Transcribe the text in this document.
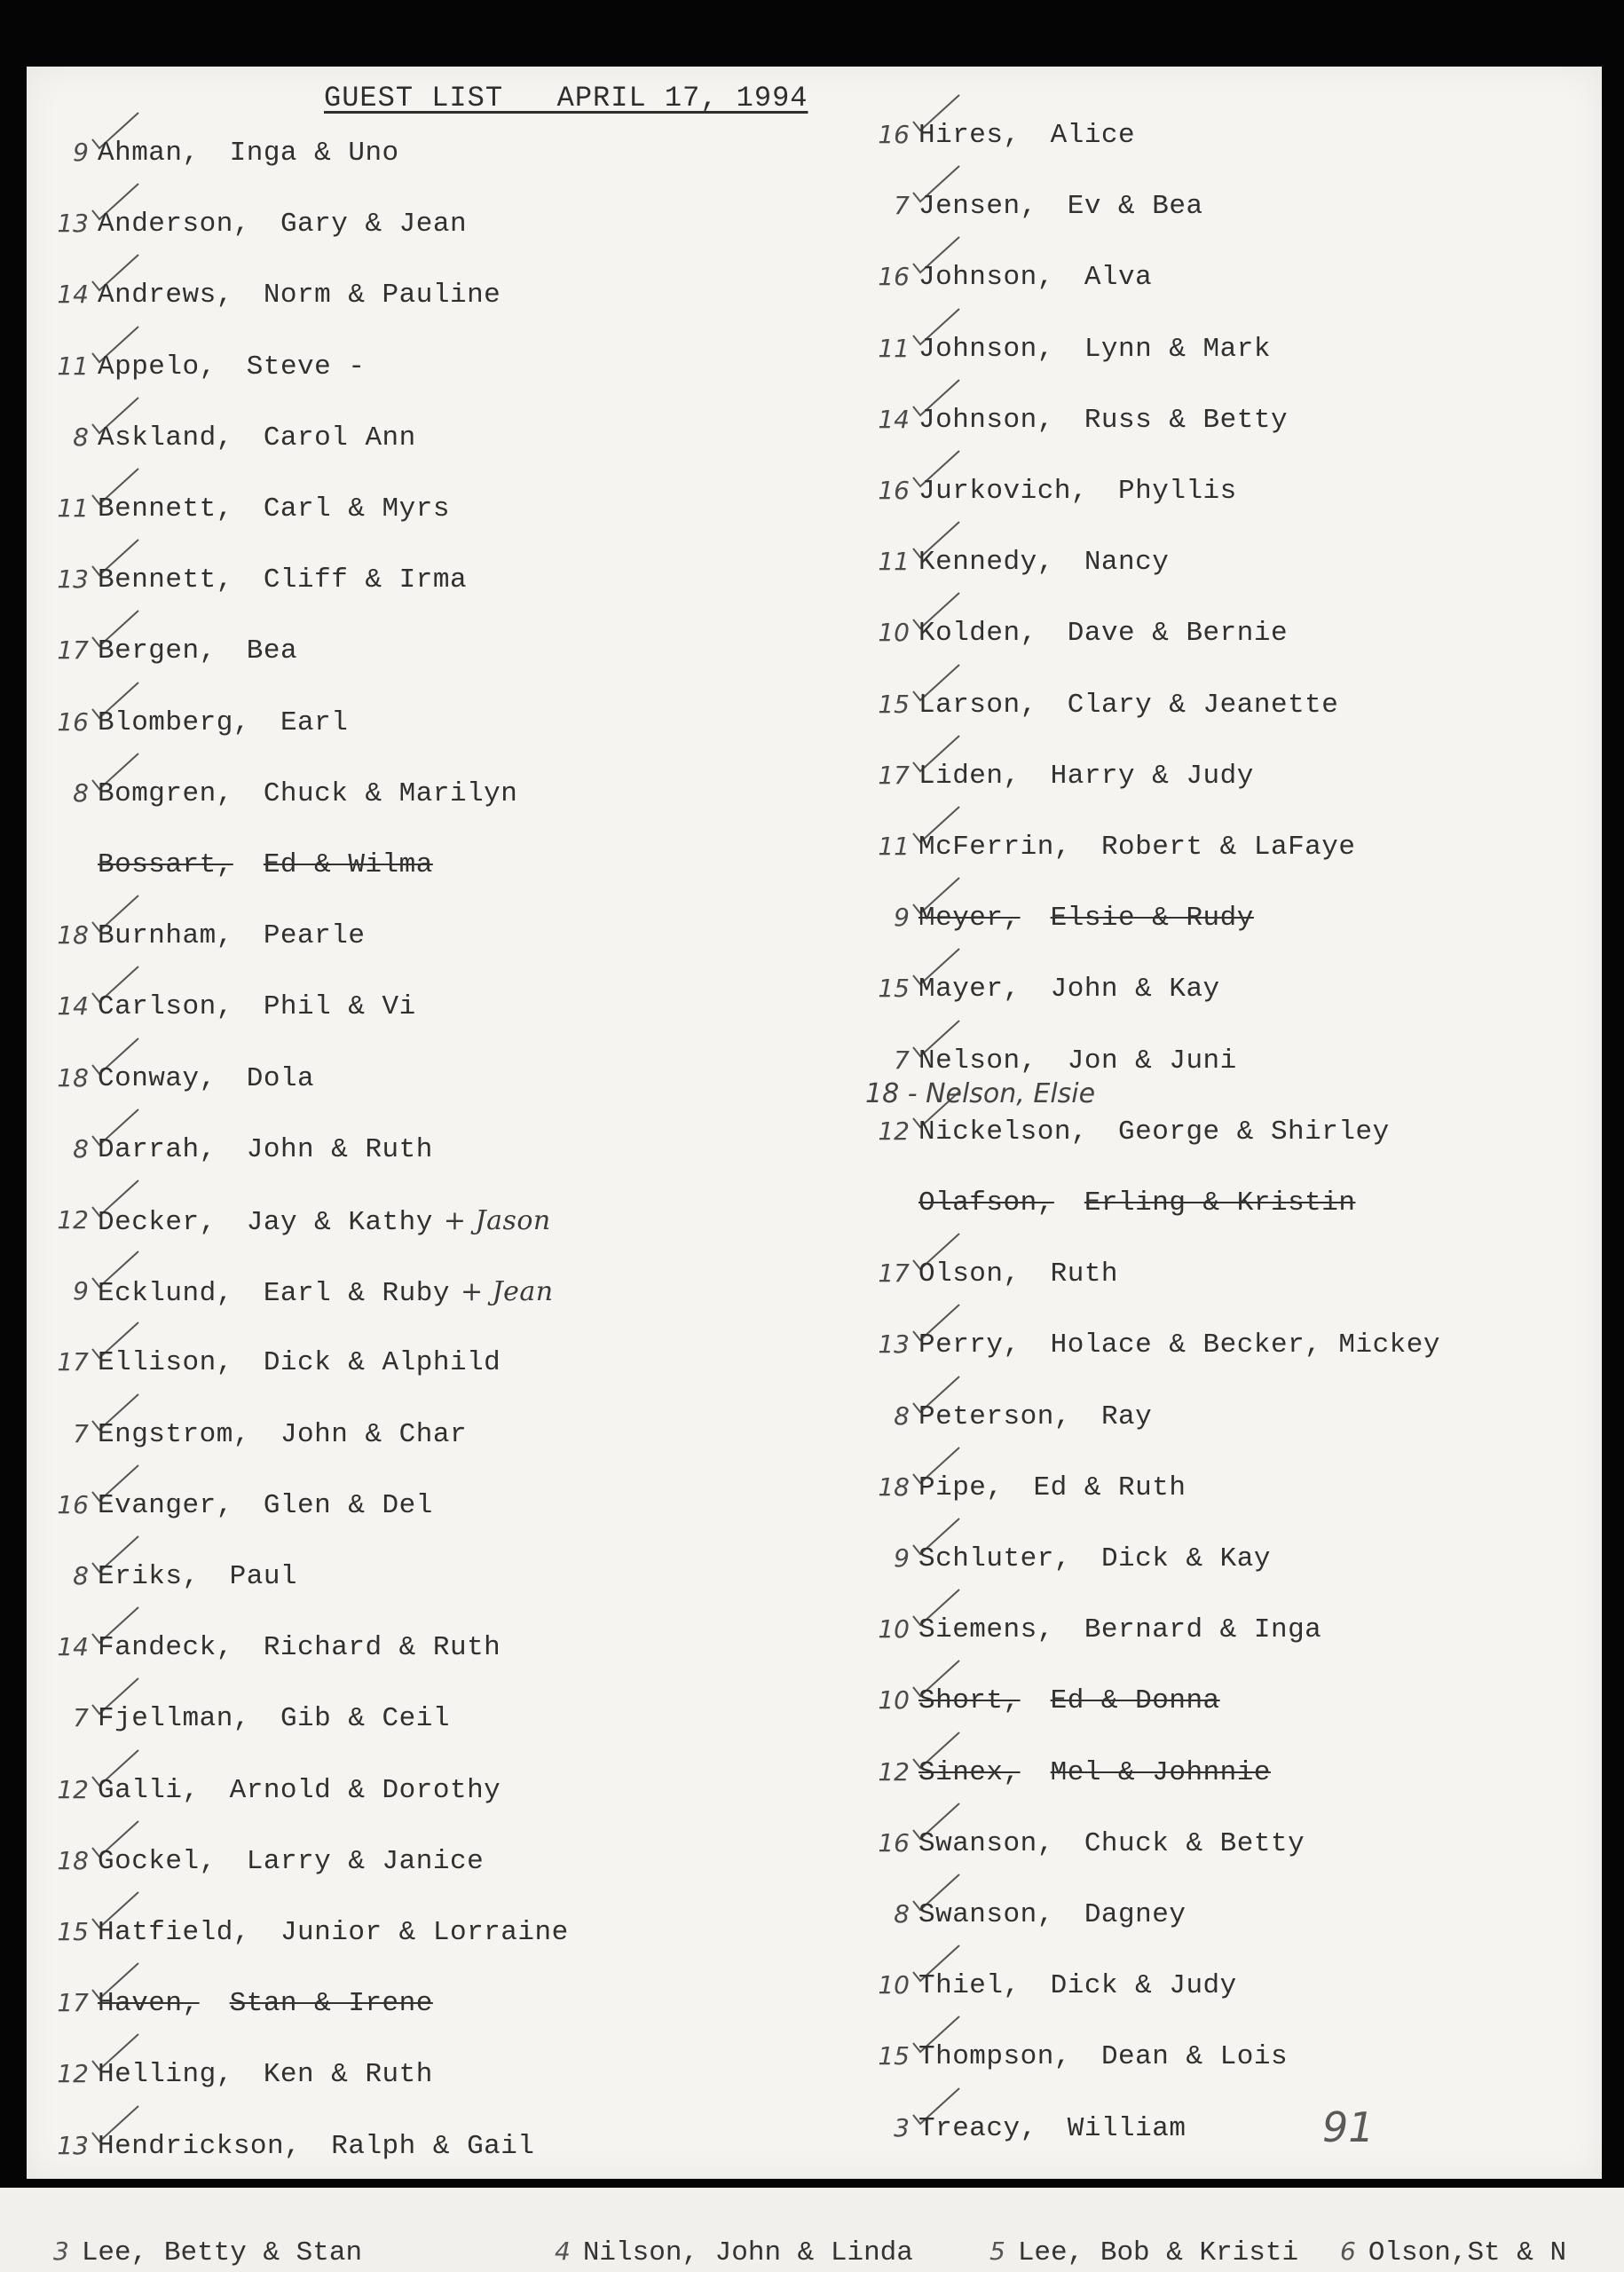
GUEST LIST   APRIL 17, 1994
9 Ahman, Inga & Uno
13 Anderson, Gary & Jean
14 Andrews, Norm & Pauline
11 Appelo, Steve -
8 Askland, Carol Ann
11 Bennett, Carl & Myrs
13 Bennett, Cliff & Irma
17 Bergen, Bea
16 Blomberg, Earl
8 Bomgren, Chuck & Marilyn
Bossart, Ed & Wilma
18 Burnham, Pearle
14 Carlson, Phil & Vi
18 Conway, Dola
8 Darrah, John & Ruth
12 Decker, Jay & Kathy + Jason
9 Ecklund, Earl & Ruby + Jean
17 Ellison, Dick & Alphild
7 Engstrom, John & Char
16 Evanger, Glen & Del
8 Eriks, Paul
14 Fandeck, Richard & Ruth
7 Fjellman, Gib & Ceil
12 Galli, Arnold & Dorothy
18 Gockel, Larry & Janice
15 Hatfield, Junior & Lorraine
17 Haven, Stan & Irene
12 Helling, Ken & Ruth
13 Hendrickson, Ralph & Gail
16 Hires, Alice
7 Jensen, Ev & Bea
16 Johnson, Alva
11 Johnson, Lynn & Mark
14 Johnson, Russ & Betty
16 Jurkovich, Phyllis
11 Kennedy, Nancy
10 Kolden, Dave & Bernie
15 Larson, Clary & Jeanette
17 Liden, Harry & Judy
11 McFerrin, Robert & LaFaye
9 Meyer, Elsie & Rudy
15 Mayer, John & Kay
7 Nelson, Jon & Juni
12 Nickelson, George & Shirley
Olafson, Erling & Kristin
17 Olson, Ruth
13 Perry, Holace & Becker, Mickey
8 Peterson, Ray
18 Pipe, Ed & Ruth
9 Schluter, Dick & Kay
10 Siemens, Bernard & Inga
10 Short, Ed & Donna
12 Sinex, Mel & Johnnie
16 Swanson, Chuck & Betty
8 Swanson, Dagney
10 Thiel, Dick & Judy
15 Thompson, Dean & Lois
3 Treacy, William
18 - Nelson, Elsie
91
3 Lee, Betty & Stan	4 Nilson, John & Linda	5 Lee, Bob & Kristi 6 Olson,St & N
